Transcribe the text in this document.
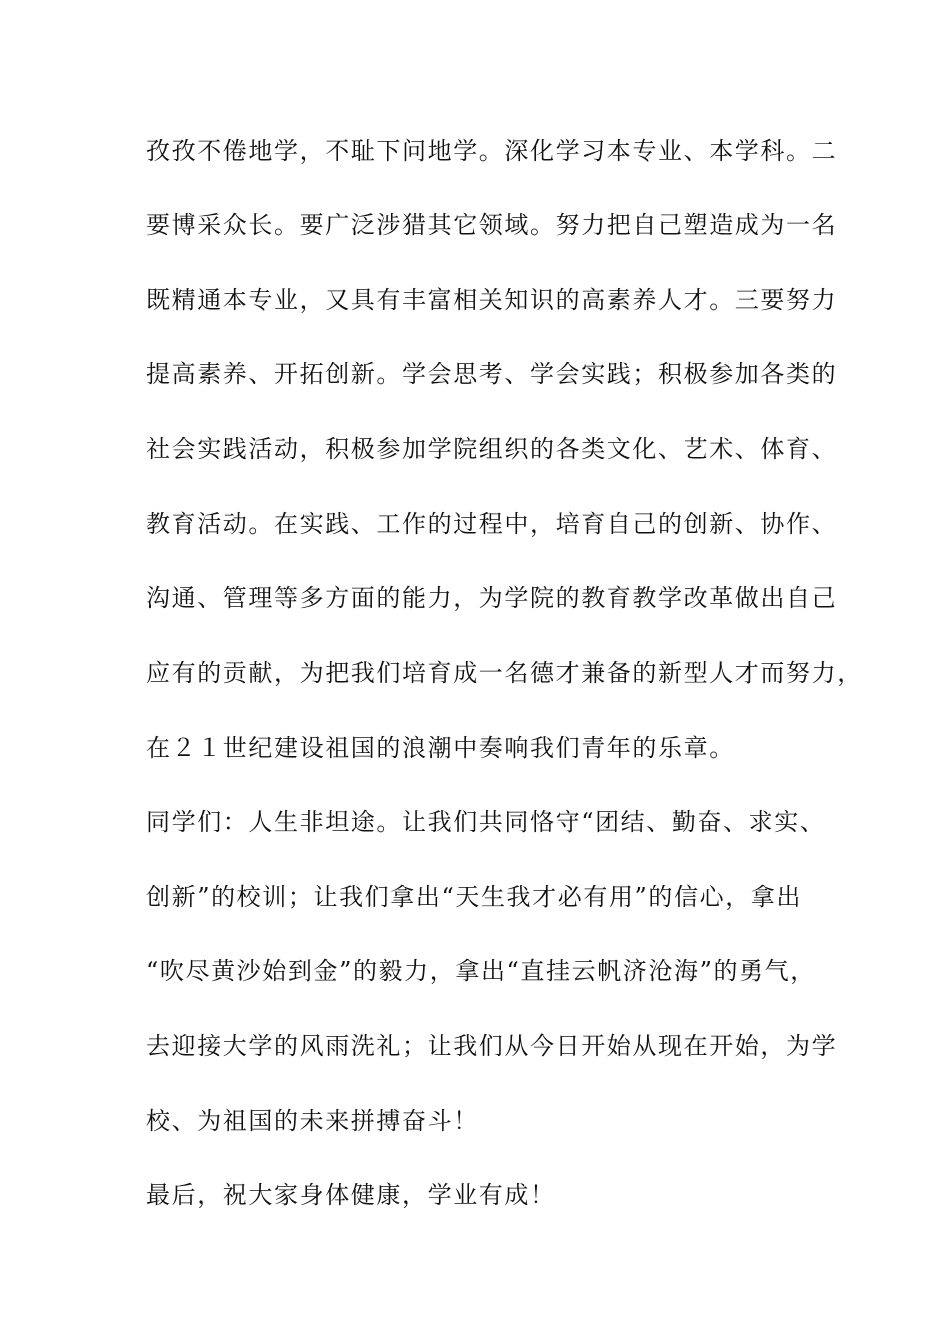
孜孜不倦地学，不耻下问地学。深化学习本专业、本学科。二
要博采众长。要广泛涉猎其它领域。努力把自己塑造成为一名
既精通本专业，又具有丰富相关知识的高素养人才。三要努力
提高素养、开拓创新。学会思考、学会实践；积极参加各类的
社会实践活动，积极参加学院组织的各类文化、艺术、体育、
教育活动。在实践、工作的过程中，培育自己的创新、协作、
沟通、管理等多方面的能力，为学院的教育教学改革做出自己
应有的贡献，为把我们培育成一名德才兼备的新型人才而努力，
在２１世纪建设祖国的浪潮中奏响我们青年的乐章。
同学们：人生非坦途。让我们共同恪守“团结、勤奋、求实、
创新”的校训；让我们拿出“天生我才必有用”的信心，拿出
“吹尽黄沙始到金”的毅力，拿出“直挂云帆济沧海”的勇气，
去迎接大学的风雨洗礼；让我们从今日开始从现在开始，为学
校、为祖国的未来拼搏奋斗！
最后，祝大家身体健康，学业有成！
